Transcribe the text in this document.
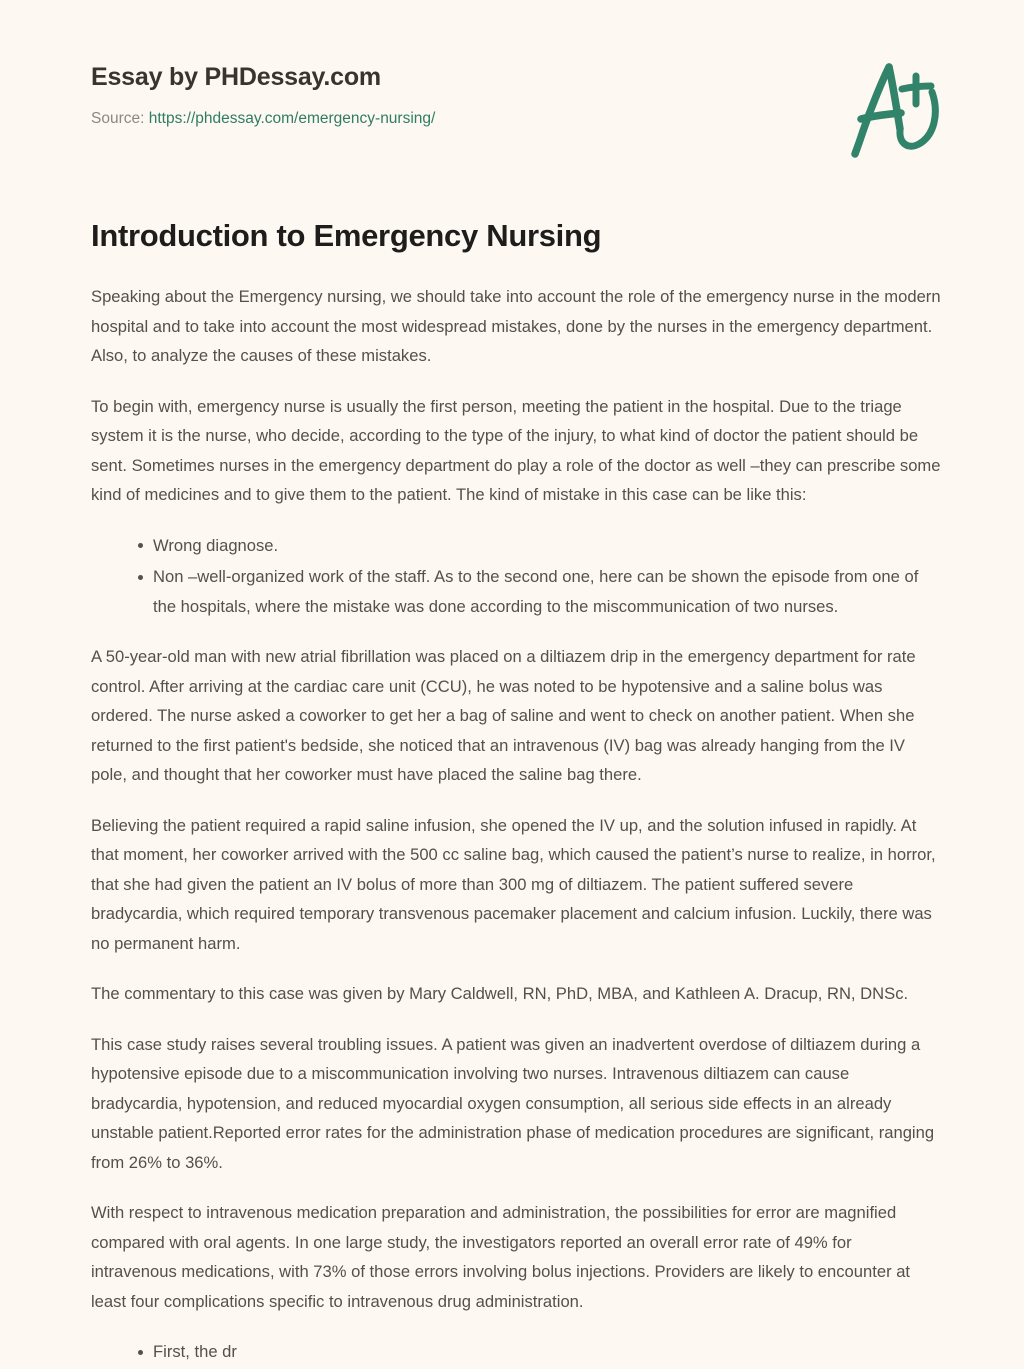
Essay by PHDessay.com
Source: https://phdessay.com/emergency-nursing/
Introduction to Emergency Nursing

Speaking about the Emergency nursing, we should take into account the role of the emergency nurse in the modern hospital and to take into account the most widespread mistakes, done by the nurses in the emergency department. Also, to analyze the causes of these mistakes.

To begin with, emergency nurse is usually the first person, meeting the patient in the hospital. Due to the triage system it is the nurse, who decide, according to the type of the injury, to what kind of doctor the patient should be sent. Sometimes nurses in the emergency department do play a role of the doctor as well –they can prescribe some kind of medicines and to give them to the patient. The kind of mistake in this case can be like this:

Wrong diagnose.
Non –well-organized work of the staff. As to the second one, here can be shown the episode from one of the hospitals, where the mistake was done according to the miscommunication of two nurses.

A 50-year-old man with new atrial fibrillation was placed on a diltiazem drip in the emergency department for rate control. After arriving at the cardiac care unit (CCU), he was noted to be hypotensive and a saline bolus was ordered. The nurse asked a coworker to get her a bag of saline and went to check on another patient. When she returned to the first patient's bedside, she noticed that an intravenous (IV) bag was already hanging from the IV pole, and thought that her coworker must have placed the saline bag there.

Believing the patient required a rapid saline infusion, she opened the IV up, and the solution infused in rapidly. At that moment, her coworker arrived with the 500 cc saline bag, which caused the patient’s nurse to realize, in horror, that she had given the patient an IV bolus of more than 300 mg of diltiazem. The patient suffered severe bradycardia, which required temporary transvenous pacemaker placement and calcium infusion. Luckily, there was no permanent harm.

The commentary to this case was given by Mary Caldwell, RN, PhD, MBA, and Kathleen A. Dracup, RN, DNSc.

This case study raises several troubling issues. A patient was given an inadvertent overdose of diltiazem during a hypotensive episode due to a miscommunication involving two nurses. Intravenous diltiazem can cause bradycardia, hypotension, and reduced myocardial oxygen consumption, all serious side effects in an already unstable patient.Reported error rates for the administration phase of medication procedures are significant, ranging from 26% to 36%.

With respect to intravenous medication preparation and administration, the possibilities for error are magnified compared with oral agents. In one large study, the investigators reported an overall error rate of 49% for intravenous medications, with 73% of those errors involving bolus injections. Providers are likely to encounter at least four complications specific to intravenous drug administration.

First, the dr
